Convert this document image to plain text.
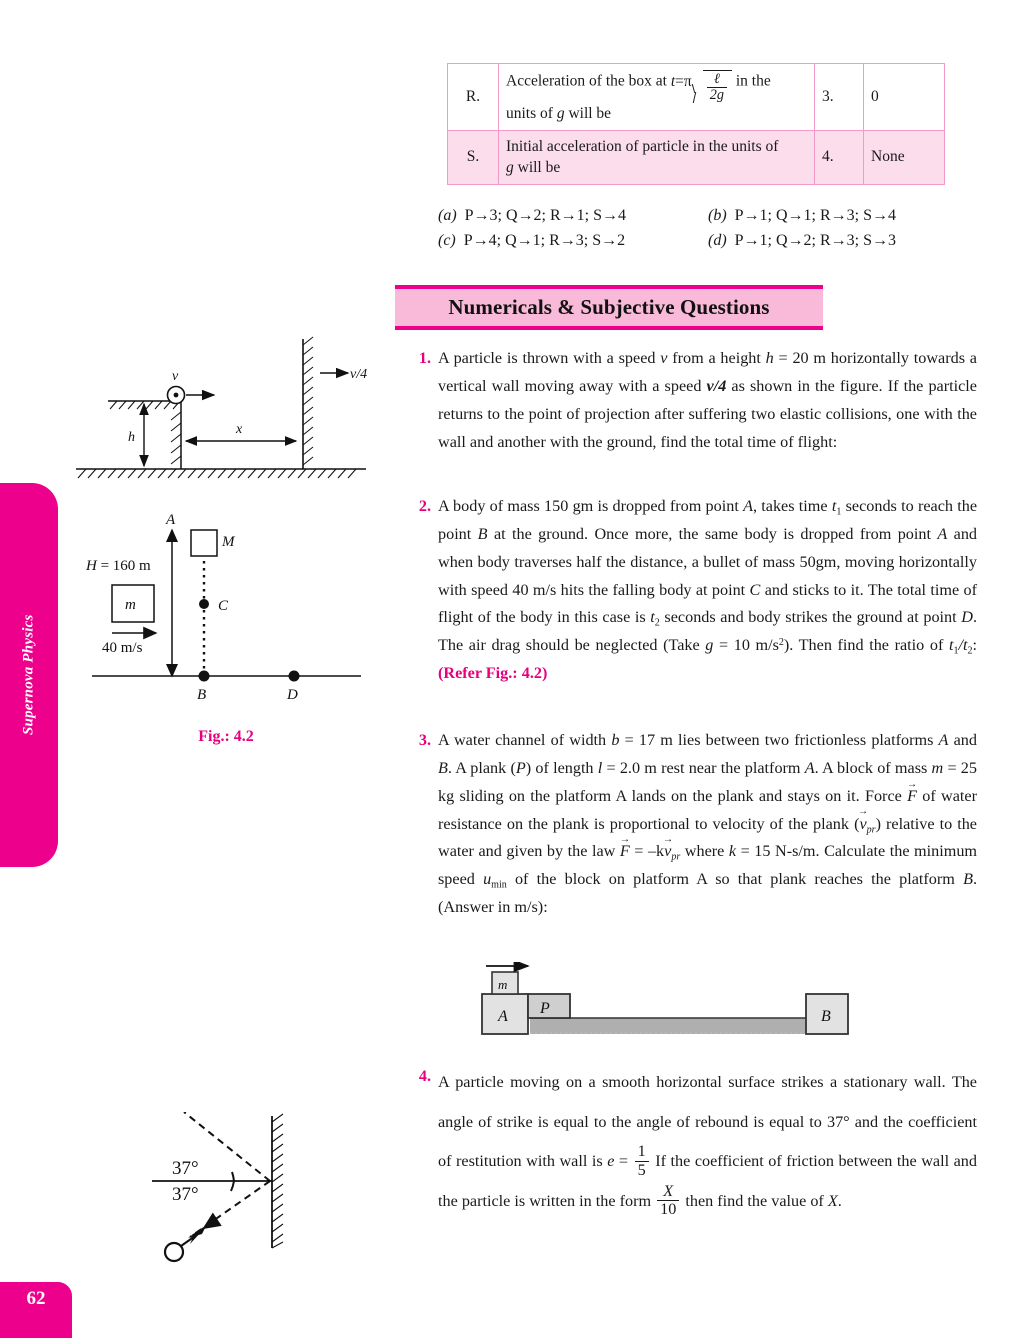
Supernova Physics
62
R.	Acceleration of the box at $t=\pi \frac{\text{ℓ}}{2g}$ in the
units of g will be	3.	0
S.	Initial acceleration of particle in the units of
g will be	4.	None
(a) P→3; Q→2; R→1; S→4	(b) P→1; Q→1; R→3; S→4
(c) P→4; Q→1; R→3; S→2	(d) P→1; Q→2; R→3; S→3
Numericals & Subjective Questions
1. A particle is thrown with a speed v from a height h = 20 m horizontally towards a vertical wall moving away with a speed v/4 as shown in the figure. If the particle returns to the point of projection after suffering two elastic collisions, one with the wall and another with the ground, find the total time of flight:
2. A body of mass 150 gm is dropped from point A, takes time $t_1$ seconds to reach the point B at the ground. Once more, the same body is dropped from point A and when body traverses half the distance, a bullet of mass 50gm, moving horizontally with speed 40 m/s hits the falling body at point C and sticks to it. The total time of flight of the body in this case is $t_2$ seconds and body strikes the ground at point D. The air drag should be neglected (Take g = 10 $m/s^2$). Then find the ratio of $t_1/t_2$: (Refer Fig.: 4.2)
3. A water channel of width b = 17 m lies between two frictionless platforms A and B. A plank (P) of length l = 2.0 m rest near the platform A. A block of mass m = 25 kg sliding on the platform A lands on the plank and stays on it. Force F → of water resistance on the plank is proportional to velocity of the plank $(v \to_{pr})$ relative to the water and given by the law F → = $-kv \to_{pr}$ where k = 15 N-s/m. Calculate the minimum speed $u_{min}$ of the block on platform A so that plank reaches the platform B. (Answer in m/s):
4. A particle moving on a smooth horizontal surface strikes a stationary wall. The angle of strike is equal to the angle of rebound is equal to 37° and the coefficient of restitution with wall is $e = \frac{1}{5}$ If the coefficient of friction between the wall and the particle is written in the form $\frac{X}{10}$ then find the value of X.
v
h
x
v/4
H = 160 m
A
M
m
40 m/s
C
B	D
Fig.: 4.2
A P
m
B
37°
37°
